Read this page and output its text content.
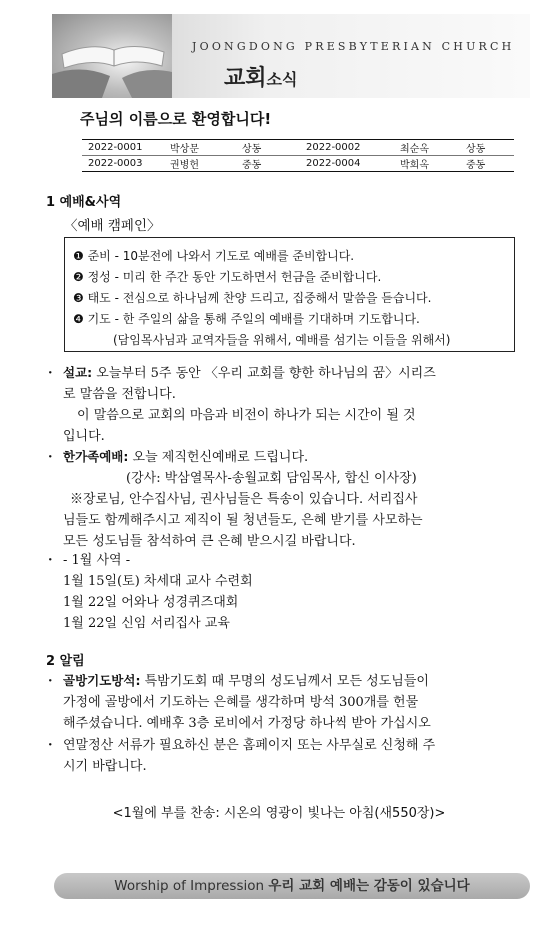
JOONGDONG PRESBYTERIAN CHURCH
교회소식
주님의 이름으로 환영합니다!
2022-0001	박상문	상동	2022-0002	최순옥	상동
2022-0003	권병헌	중동	2022-0004	박희옥	중동
1 예배&사역
〈예배 캠페인〉
❶ 준비 - 10분전에 나와서 기도로 예배를 준비합니다.
❷ 정성 - 미리 한 주간 동안 기도하면서 헌금을 준비합니다.
❸ 태도 - 전심으로 하나님께 찬양 드리고, 집중해서 말씀을 듣습니다.
❹ 기도 - 한 주일의 삶을 통해 주일의 예배를 기대하며 기도합니다.
(담임목사님과 교역자들을 위해서, 예배를 섬기는 이들을 위해서)
· 설교: 오늘부터 5주 동안 〈우리 교회를 향한 하나님의 꿈〉시리즈
로 말씀을 전합니다.
이 말씀으로 교회의 마음과 비전이 하나가 되는 시간이 될 것
입니다.
· 한가족예배: 오늘 제직헌신예배로 드립니다.
(강사: 박삼열목사-송월교회 담임목사, 합신 이사장)
※장로님, 안수집사님, 권사님들은 특송이 있습니다. 서리집사
님들도 함께해주시고 제직이 될 청년들도, 은혜 받기를 사모하는
모든 성도님들 참석하여 큰 은혜 받으시길 바랍니다.
· - 1월 사역 -
1월 15일(토) 차세대 교사 수련회
1월 22일 어와나 성경퀴즈대회
1월 22일 신임 서리집사 교육
2 알림
· 골방기도방석: 특밤기도회 때 무명의 성도님께서 모든 성도님들이
가정에 골방에서 기도하는 은혜를 생각하며 방석 300개를 헌물
해주셨습니다. 예배후 3층 로비에서 가정당 하나씩 받아 가십시오
· 연말정산 서류가 필요하신 분은 홈페이지 또는 사무실로 신청해 주
시기 바랍니다.
<1월에 부를 찬송: 시온의 영광이 빛나는 아침(새550장)>
Worship of Impression 우리 교회 예배는 감동이 있습니다
